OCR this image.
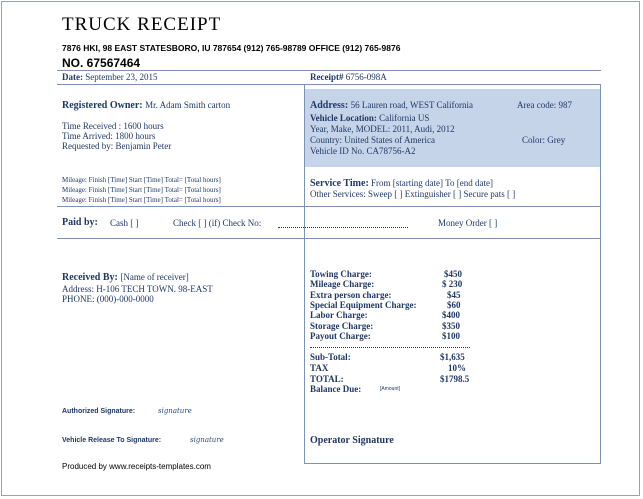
TRUCK RECEIPT
7876 HKI, 98 EAST STATESBORO, IU 787654 (912) 765-98789 OFFICE (912) 765-9876
NO. 67567464
Date: September 23, 2015	Receipt# 6756-098A
Registered Owner: Mr. Adam Smith carton
Time Received : 1600 hours
Time Arrived: 1800 hours
Requested by: Benjamin Peter
Address: 56 Lauren road, WEST California	Area code: 987
Vehicle Location: California US
Year, Make, MODEL: 2011, Audi, 2012
Country: United States of America	Color: Grey
Vehicle ID No. CA78756-A2
Mileage: Finish [Time] Start [Time] Total= [Total hours]
Mileage: Finish [Time] Start [Time] Total= [Total hours]
Mileage: Finish [Time] Start [Time] Total= [Total hours]
Service Time: From [starting date] To [end date]
Other Services: Sweep [ ] Extinguisher [ ] Secure pats [ ]
Paid by: Cash [ ]	Check [ ] (if) Check No:	Money Order [ ]
Received By: [Name of receiver]
Address: H-106 TECH TOWN. 98-EAST
PHONE: (000)-000-0000
Towing Charge:	$450
Mileage Charge:	$ 230
Extra person charge:	$45
Special Equipment Charge:	$60
Labor Charge:	$400
Storage Charge:	$350
Payout Charge:	$100
Sub-Total:	$1,635
TAX	10%
TOTAL:	$1798.5
Balance Due:	[Amount]
Authorized Signature:	signature
Vehicle Release To Signature:	signature	Operator Signature
Produced by www.receipts-templates.com
